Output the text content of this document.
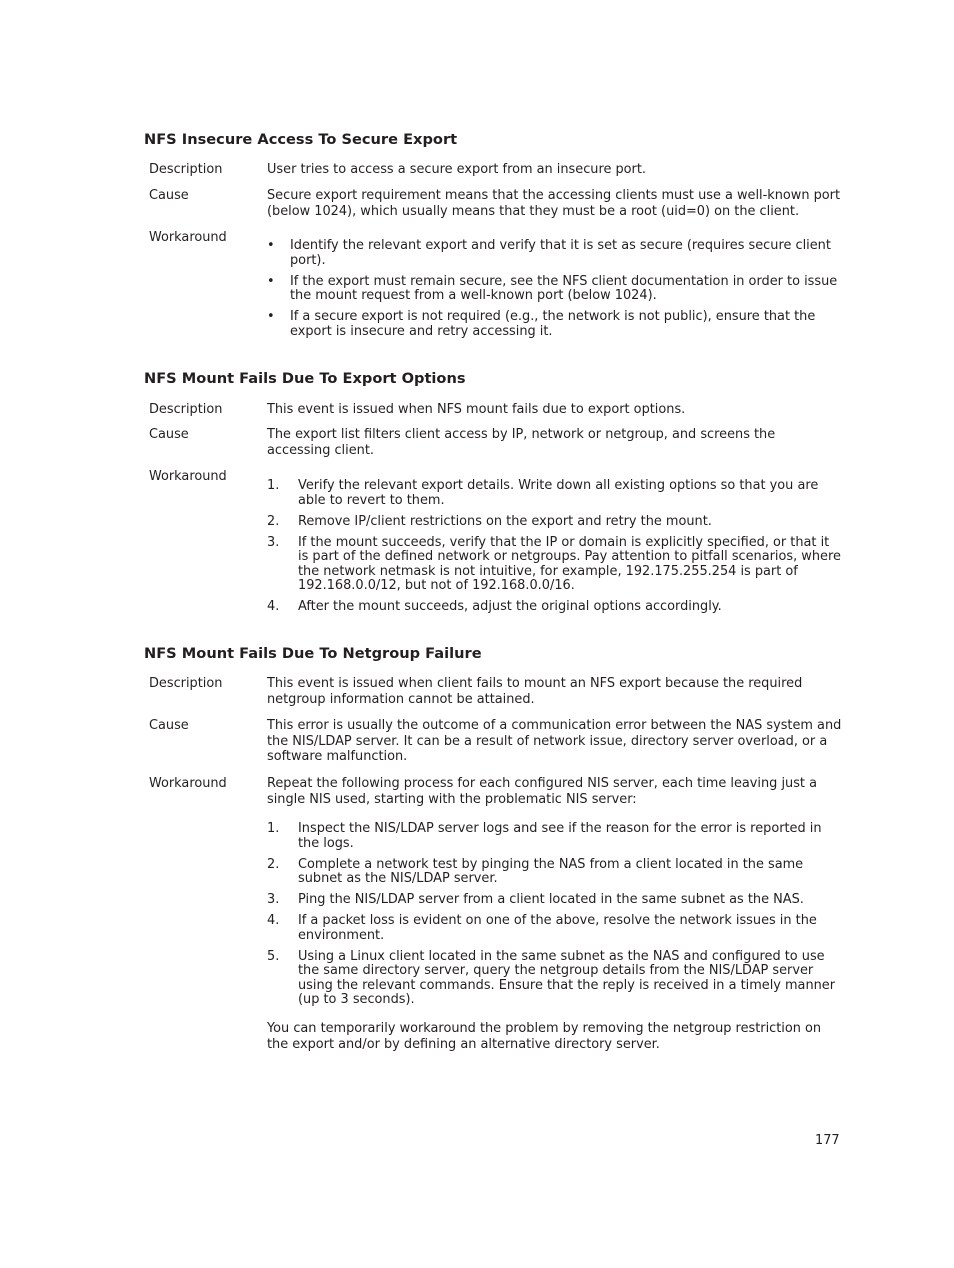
NFS Insecure Access To Secure Export
Description	User tries to access a secure export from an insecure port.
Cause	Secure export requirement means that the accessing clients must use a well-known port (below 1024), which usually means that they must be a root (uid=0) on the client.
Workaround
• Identify the relevant export and verify that it is set as secure (requires secure client port).
• If the export must remain secure, see the NFS client documentation in order to issue the mount request from a well-known port (below 1024).
• If a secure export is not required (e.g., the network is not public), ensure that the export is insecure and retry accessing it.
NFS Mount Fails Due To Export Options
Description	This event is issued when NFS mount fails due to export options.
Cause	The export list filters client access by IP, network or netgroup, and screens the accessing client.
Workaround
1. Verify the relevant export details. Write down all existing options so that you are able to revert to them.
2. Remove IP/client restrictions on the export and retry the mount.
3. If the mount succeeds, verify that the IP or domain is explicitly specified, or that it is part of the defined network or netgroups. Pay attention to pitfall scenarios, where the network netmask is not intuitive, for example, 192.175.255.254 is part of 192.168.0.0/12, but not of 192.168.0.0/16.
4. After the mount succeeds, adjust the original options accordingly.
NFS Mount Fails Due To Netgroup Failure
Description	This event is issued when client fails to mount an NFS export because the required netgroup information cannot be attained.
Cause	This error is usually the outcome of a communication error between the NAS system and the NIS/LDAP server. It can be a result of network issue, directory server overload, or a software malfunction.
Workaround	Repeat the following process for each configured NIS server, each time leaving just a single NIS used, starting with the problematic NIS server:
1. Inspect the NIS/LDAP server logs and see if the reason for the error is reported in the logs.
2. Complete a network test by pinging the NAS from a client located in the same subnet as the NIS/LDAP server.
3. Ping the NIS/LDAP server from a client located in the same subnet as the NAS.
4. If a packet loss is evident on one of the above, resolve the network issues in the environment.
5. Using a Linux client located in the same subnet as the NAS and configured to use the same directory server, query the netgroup details from the NIS/LDAP server using the relevant commands. Ensure that the reply is received in a timely manner (up to 3 seconds).
You can temporarily workaround the problem by removing the netgroup restriction on the export and/or by defining an alternative directory server.
177
